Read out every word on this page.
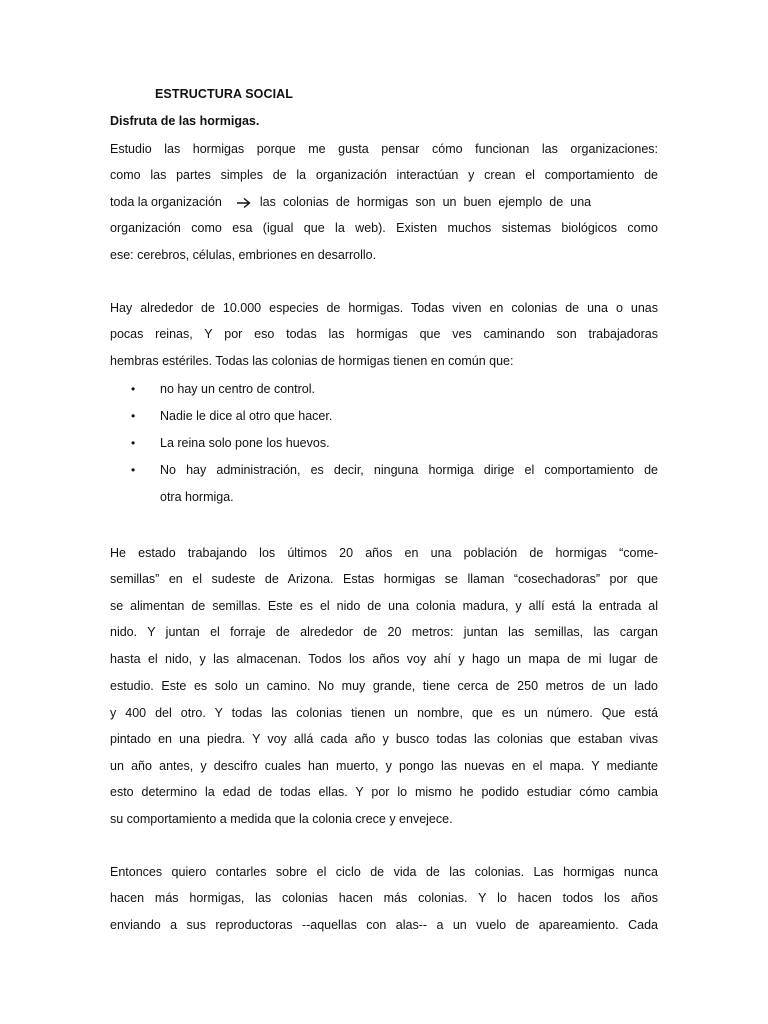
ESTRUCTURA SOCIAL
Disfruta de las hormigas.
Estudio las hormigas porque me gusta pensar cómo funcionan las organizaciones:
como las partes simples de la organización interactúan y crean el comportamiento de
toda la organización	las colonias de hormigas son un buen ejemplo de una
organización como esa (igual que la web). Existen muchos sistemas biológicos como
ese: cerebros, células, embriones en desarrollo.
Hay alrededor de 10.000 especies de hormigas. Todas viven en colonias de una o unas
pocas reinas, Y por eso todas las hormigas que ves caminando son trabajadoras
hembras estériles. Todas las colonias de hormigas tienen en común que:
• no hay un centro de control.
• Nadie le dice al otro que hacer.
• La reina solo pone los huevos.
• No hay administración, es decir, ninguna hormiga dirige el comportamiento de
otra hormiga.
He estado trabajando los últimos 20 años en una población de hormigas “come-
semillas” en el sudeste de Arizona. Estas hormigas se llaman “cosechadoras” por que
se alimentan de semillas. Este es el nido de una colonia madura, y allí está la entrada al
nido. Y juntan el forraje de alrededor de 20 metros: juntan las semillas, las cargan
hasta el nido, y las almacenan. Todos los años voy ahí y hago un mapa de mi lugar de
estudio. Este es solo un camino. No muy grande, tiene cerca de 250 metros de un lado
y 400 del otro. Y todas las colonias tienen un nombre, que es un número. Que está
pintado en una piedra. Y voy allá cada año y busco todas las colonias que estaban vivas
un año antes, y descifro cuales han muerto, y pongo las nuevas en el mapa. Y mediante
esto determino la edad de todas ellas. Y por lo mismo he podido estudiar cómo cambia
su comportamiento a medida que la colonia crece y envejece.
Entonces quiero contarles sobre el ciclo de vida de las colonias. Las hormigas nunca
hacen más hormigas, las colonias hacen más colonias. Y lo hacen todos los años
enviando a sus reproductoras --aquellas con alas-- a un vuelo de apareamiento. Cada
